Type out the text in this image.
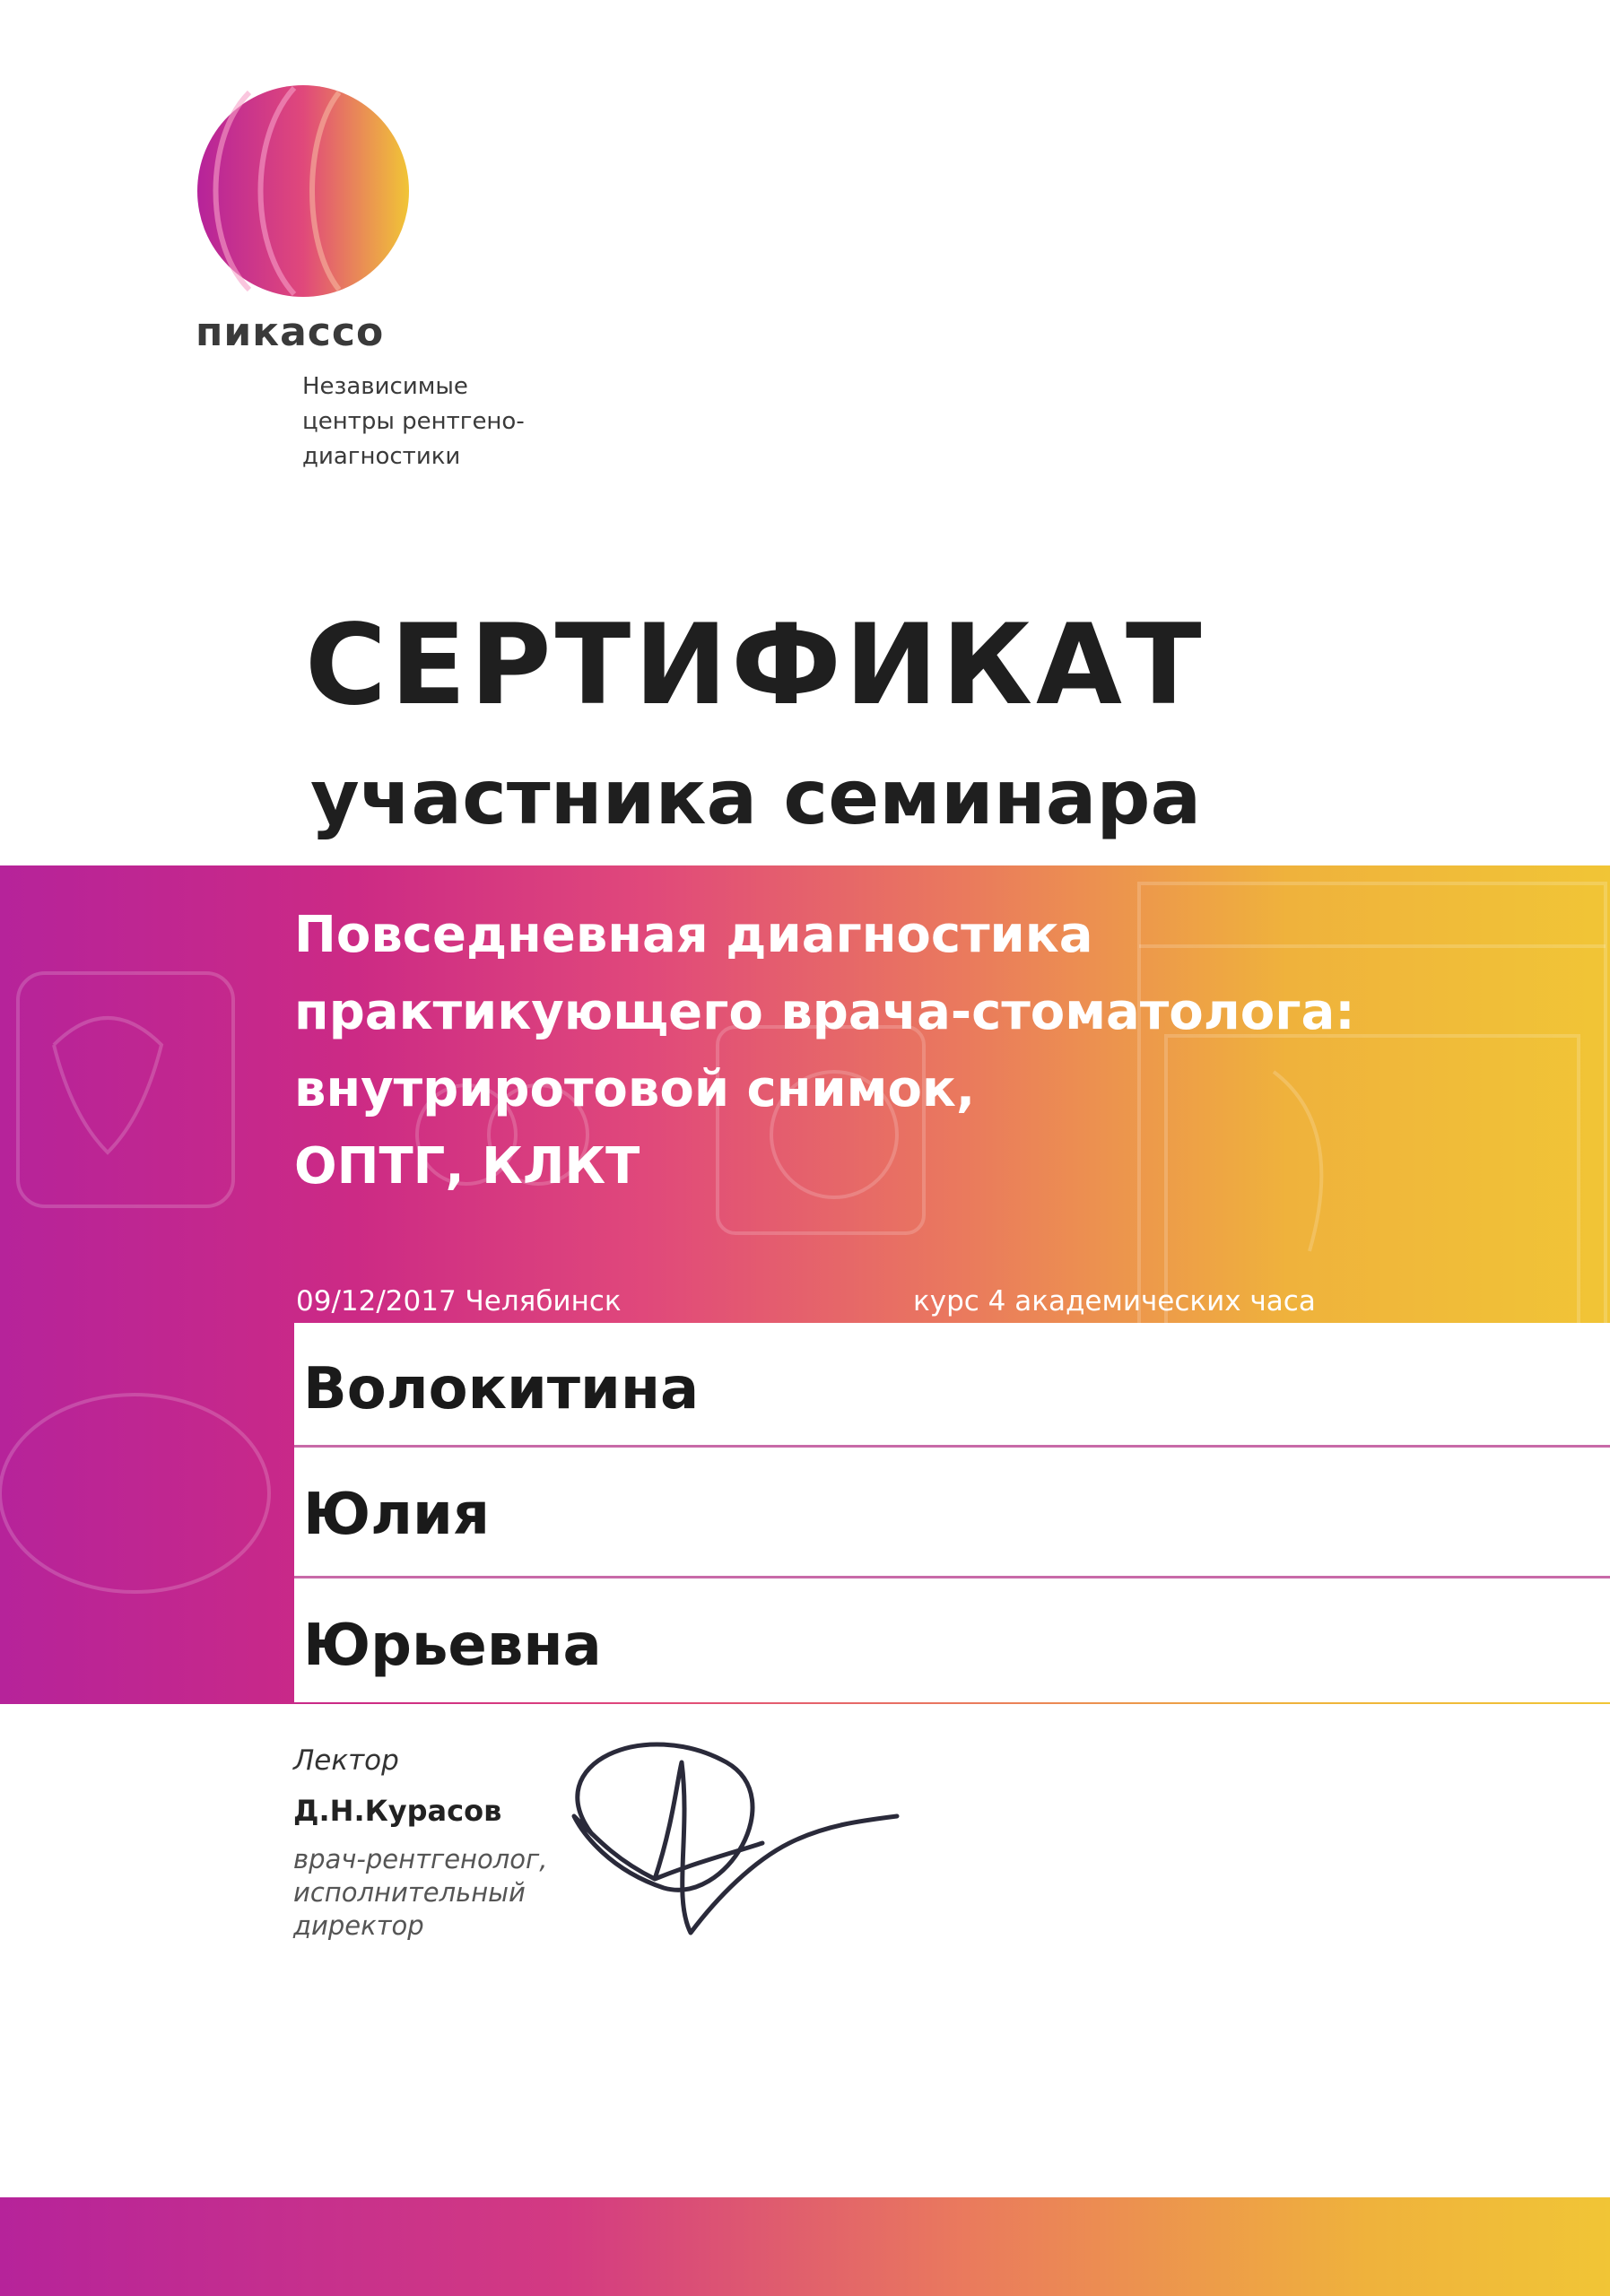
пикассо
Независимые
центры рентгено-
диагностики
СЕРТИФИКАТ
участника семинара
Повседневная диагностика
практикующего врача-стоматолога:
внутриротовой снимок,
ОПТГ, КЛКТ
09/12/2017 Челябинск	курс 4 академических часа
Волокитина
Юлия
Юрьевна
Лектор
Д.Н.Курасов
врач-рентгенолог,
исполнительный
директор
